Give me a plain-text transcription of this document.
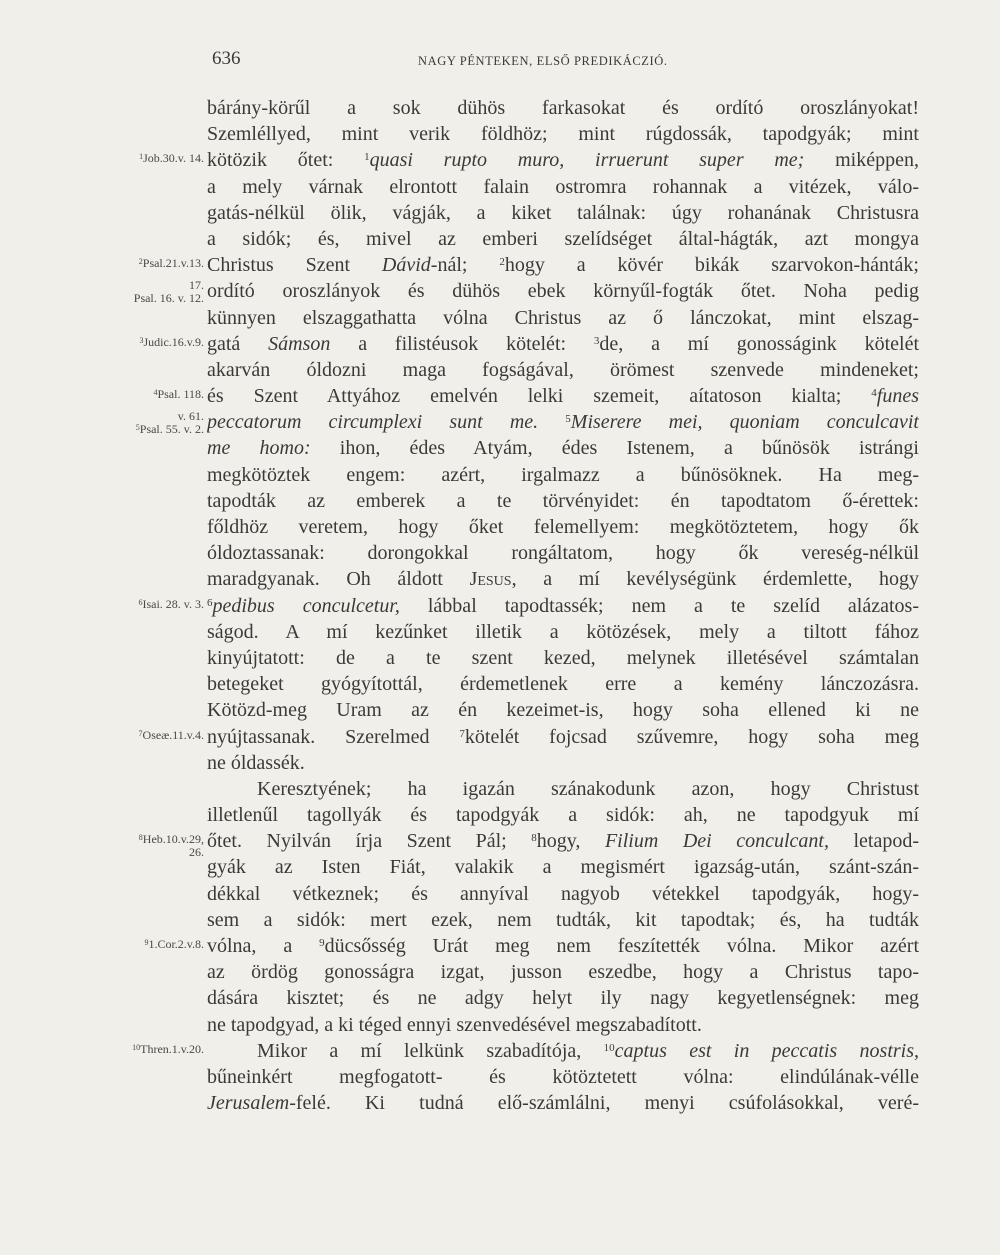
636	NAGY PÉNTEKEN, ELSŐ PREDIKÁCZIÓ.
bárány-körűl a sok dühös farkasokat és ordító oroszlányokat!
Szemléllyed, mint verik földhöz; mint rúgdossák, tapodgyák; mint
$^1$Job.30.v. 14. kötözik őtet: $^1$quasi rupto muro, irruerunt super me; miképpen,
a mely várnak elrontott falain ostromra rohannak a vitézek, válo-
gatás-nélkül ölik, vágják, a kiket találnak: úgy rohanának Christusra
a sidók; és, mivel az emberi szelídséget által-hágták, azt mongya
$^2$Psal.21.v.13. Christus Szent Dávid-nál; $^2$hogy a kövér bikák szarvokon-hánták;
17.
Psal. 16. v. 12. ordító oroszlányok és dühös ebek környűl-fogták őtet. Noha pedig
künnyen elszaggathatta vólna Christus az ő lánczokat, mint elszag-
$^3$Judic.16.v.9. gatá Sámson a filistéusok kötelét: $^3$de, a mí gonosságink kötelét
akarván óldozni maga fogságával, örömest szenvede mindeneket;
$^4$Psal. 118. és Szent Attyához emelvén lelki szemeit, aítatoson kialta; $^4$funes
v. 61.
$^5$Psal. 55. v. 2. peccatorum circumplexi sunt me. $^5$Miserere mei, quoniam conculcavit
me homo: ihon, édes Atyám, édes Istenem, a bűnösök istrángi
megkötöztek engem: azért, irgalmazz a bűnösöknek. Ha meg-
tapodták az emberek a te törvényidet: én tapodtatom ő-érettek:
főldhöz veretem, hogy őket felemellyem: megkötöztetem, hogy ők
óldoztassanak: dorongokkal rongáltatom, hogy ők vereség-nélkül
maradgyanak. Oh áldott Jesus, a mí kevélységünk érdemlette, hogy
$^6$Isai. 28. v. 3. $^6$pedibus conculcetur, lábbal tapodtassék; nem a te szelíd alázatos-
ságod. A mí kezűnket illetik a kötözések, mely a tiltott fához
kinyújtatott: de a te szent kezed, melynek illetésével számtalan
betegeket gyógyítottál, érdemetlenek erre a kemény lánczozásra.
Kötözd-meg Uram az én kezeimet-is, hogy soha ellened ki ne
$^7$Oseæ.11.v.4. nyújtassanak. Szerelmed $^7$kötelét fojcsad szűvemre, hogy soha meg
ne óldassék.
Keresztyének; ha igazán szánakodunk azon, hogy Christust
illetlenűl tagollyák és tapodgyák a sidók: ah, ne tapodgyuk mí
$^8$Heb.10.v.29,
26. őtet. Nyilván írja Szent Pál; $^8$hogy, Filium Dei conculcant, letapod-
gyák az Isten Fiát, valakik a megismért igazság-után, szánt-szán-
dékkal vétkeznek; és annyíval nagyob vétekkel tapodgyák, hogy-
sem a sidók: mert ezek, nem tudták, kit tapodtak; és, ha tudták
$^9$1.Cor.2.v.8. vólna, a $^9$dücsősség Urát meg nem feszítették vólna. Mikor azért
az ördög gonosságra izgat, jusson eszedbe, hogy a Christus tapo-
dására kisztet; és ne adgy helyt ily nagy kegyetlenségnek: meg
ne tapodgyad, a ki téged ennyi szenvedésével megszabadított.
$^{10}$Thren.1.v.20.	Mikor a mí lelkünk szabadítója, $^{10}$captus est in peccatis nostris,
bűneinkért megfogatott- és kötöztetett vólna: elindúlának-vélle
Jerusalem-felé. Ki tudná elő-számlálni, menyi csúfolásokkal, veré-
